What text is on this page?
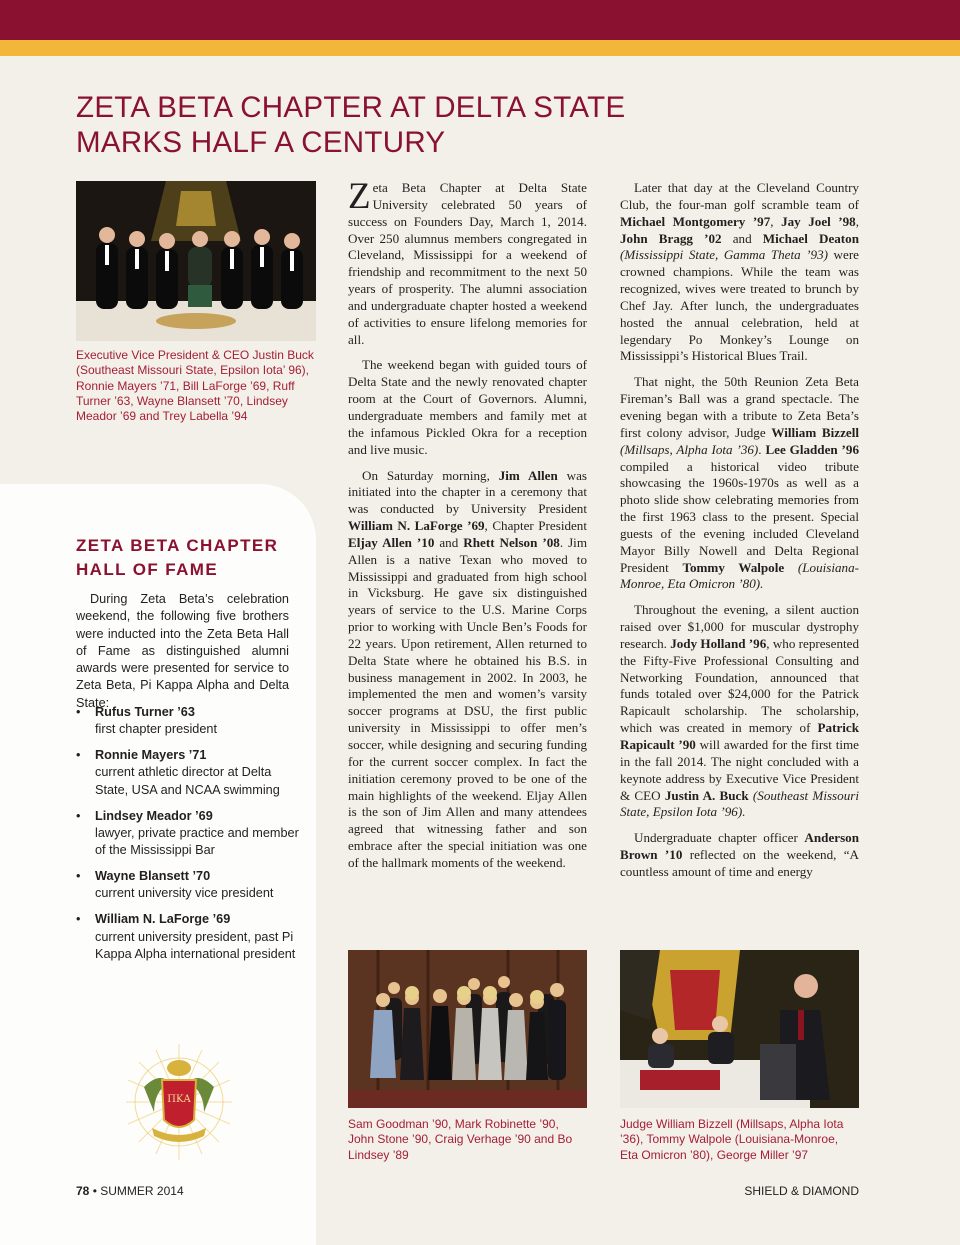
ZETA BETA CHAPTER AT DELTA STATE MARKS HALF A CENTURY

Executive Vice President & CEO Justin Buck (Southeast Missouri State, Epsilon Iota’ 96), Ronnie Mayers ’71, Bill LaForge ’69, Ruff Turner ’63, Wayne Blansett ’70, Lindsey Meador ’69 and Trey Labella ’94

ZETA BETA CHAPTER HALL OF FAME

During Zeta Beta’s celebration weekend, the following five brothers were inducted into the Zeta Beta Hall of Fame as distinguished alumni awards were presented for service to Zeta Beta, Pi Kappa Alpha and Delta State:

• Rufus Turner ’63
first chapter president
• Ronnie Mayers ’71
current athletic director at Delta State, USA and NCAA swimming
• Lindsey Meador ’69
lawyer, private practice and member of the Mississippi Bar
• Wayne Blansett ’70
current university vice president
• William N. LaForge ’69
current university president, past Pi Kappa Alpha international president
ΠΚΑ

Zeta Beta Chapter at Delta State University celebrated 50 years of success on Founders Day, March 1, 2014. Over 250 alumnus members congregated in Cleveland, Mississippi for a weekend of friendship and recommitment to the next 50 years of prosperity. The alumni association and undergraduate chapter hosted a weekend of activities to ensure lifelong memories for all.

The weekend began with guided tours of Delta State and the newly renovated chapter room at the Court of Governors. Alumni, undergraduate members and family met at the infamous Pickled Okra for a reception and live music.

On Saturday morning, Jim Allen was initiated into the chapter in a ceremony that was conducted by University President William N. LaForge ’69, Chapter President Eljay Allen ’10 and Rhett Nelson ’08. Jim Allen is a native Texan who moved to Mississippi and graduated from high school in Vicksburg. He gave six distinguished years of service to the U.S. Marine Corps prior to working with Uncle Ben’s Foods for 22 years. Upon retirement, Allen returned to Delta State where he obtained his B.S. in business management in 2002. In 2003, he implemented the men and women’s varsity soccer programs at DSU, the first public university in Mississippi to offer men’s soccer, while designing and securing funding for the current soccer complex. In fact the initiation ceremony proved to be one of the main highlights of the weekend. Eljay Allen is the son of Jim Allen and many attendees agreed that witnessing father and son embrace after the special initiation was one of the hallmark moments of the weekend.

Later that day at the Cleveland Country Club, the four-man golf scramble team of Michael Montgomery ’97, Jay Joel ’98, John Bragg ’02 and Michael Deaton (Mississippi State, Gamma Theta ’93) were crowned champions. While the team was recognized, wives were treated to brunch by Chef Jay. After lunch, the undergraduates hosted the annual celebration, held at legendary Po Monkey’s Lounge on Mississippi’s Historical Blues Trail.

That night, the 50th Reunion Zeta Beta Fireman’s Ball was a grand spectacle. The evening began with a tribute to Zeta Beta’s first colony advisor, Judge William Bizzell (Millsaps, Alpha Iota ’36). Lee Gladden ’96 compiled a historical video tribute showcasing the 1960s-1970s as well as a photo slide show celebrating memories from the first 1963 class to the present. Special guests of the evening included Cleveland Mayor Billy Nowell and Delta Regional President Tommy Walpole (Louisiana-Monroe, Eta Omicron ’80).

Throughout the evening, a silent auction raised over $1,000 for muscular dystrophy research. Jody Holland ’96, who represented the Fifty-Five Professional Consulting and Networking Foundation, announced that funds totaled over $24,000 for the Patrick Rapicault scholarship. The scholarship, which was created in memory of Patrick Rapicault ’90 will awarded for the first time in the fall 2014. The night concluded with a keynote address by Executive Vice President & CEO Justin A. Buck (Southeast Missouri State, Epsilon Iota ’96).

Undergraduate chapter officer Anderson Brown ’10 reflected on the weekend, “A countless amount of time and energy

Sam Goodman ’90, Mark Robinette ’90, John Stone ’90, Craig Verhage ’90 and Bo Lindsey ’89

Judge William Bizzell (Millsaps, Alpha Iota ’36), Tommy Walpole (Louisiana-Monroe, Eta Omicron ’80), George Miller ’97

78 • SUMMER 2014	SHIELD & DIAMOND
